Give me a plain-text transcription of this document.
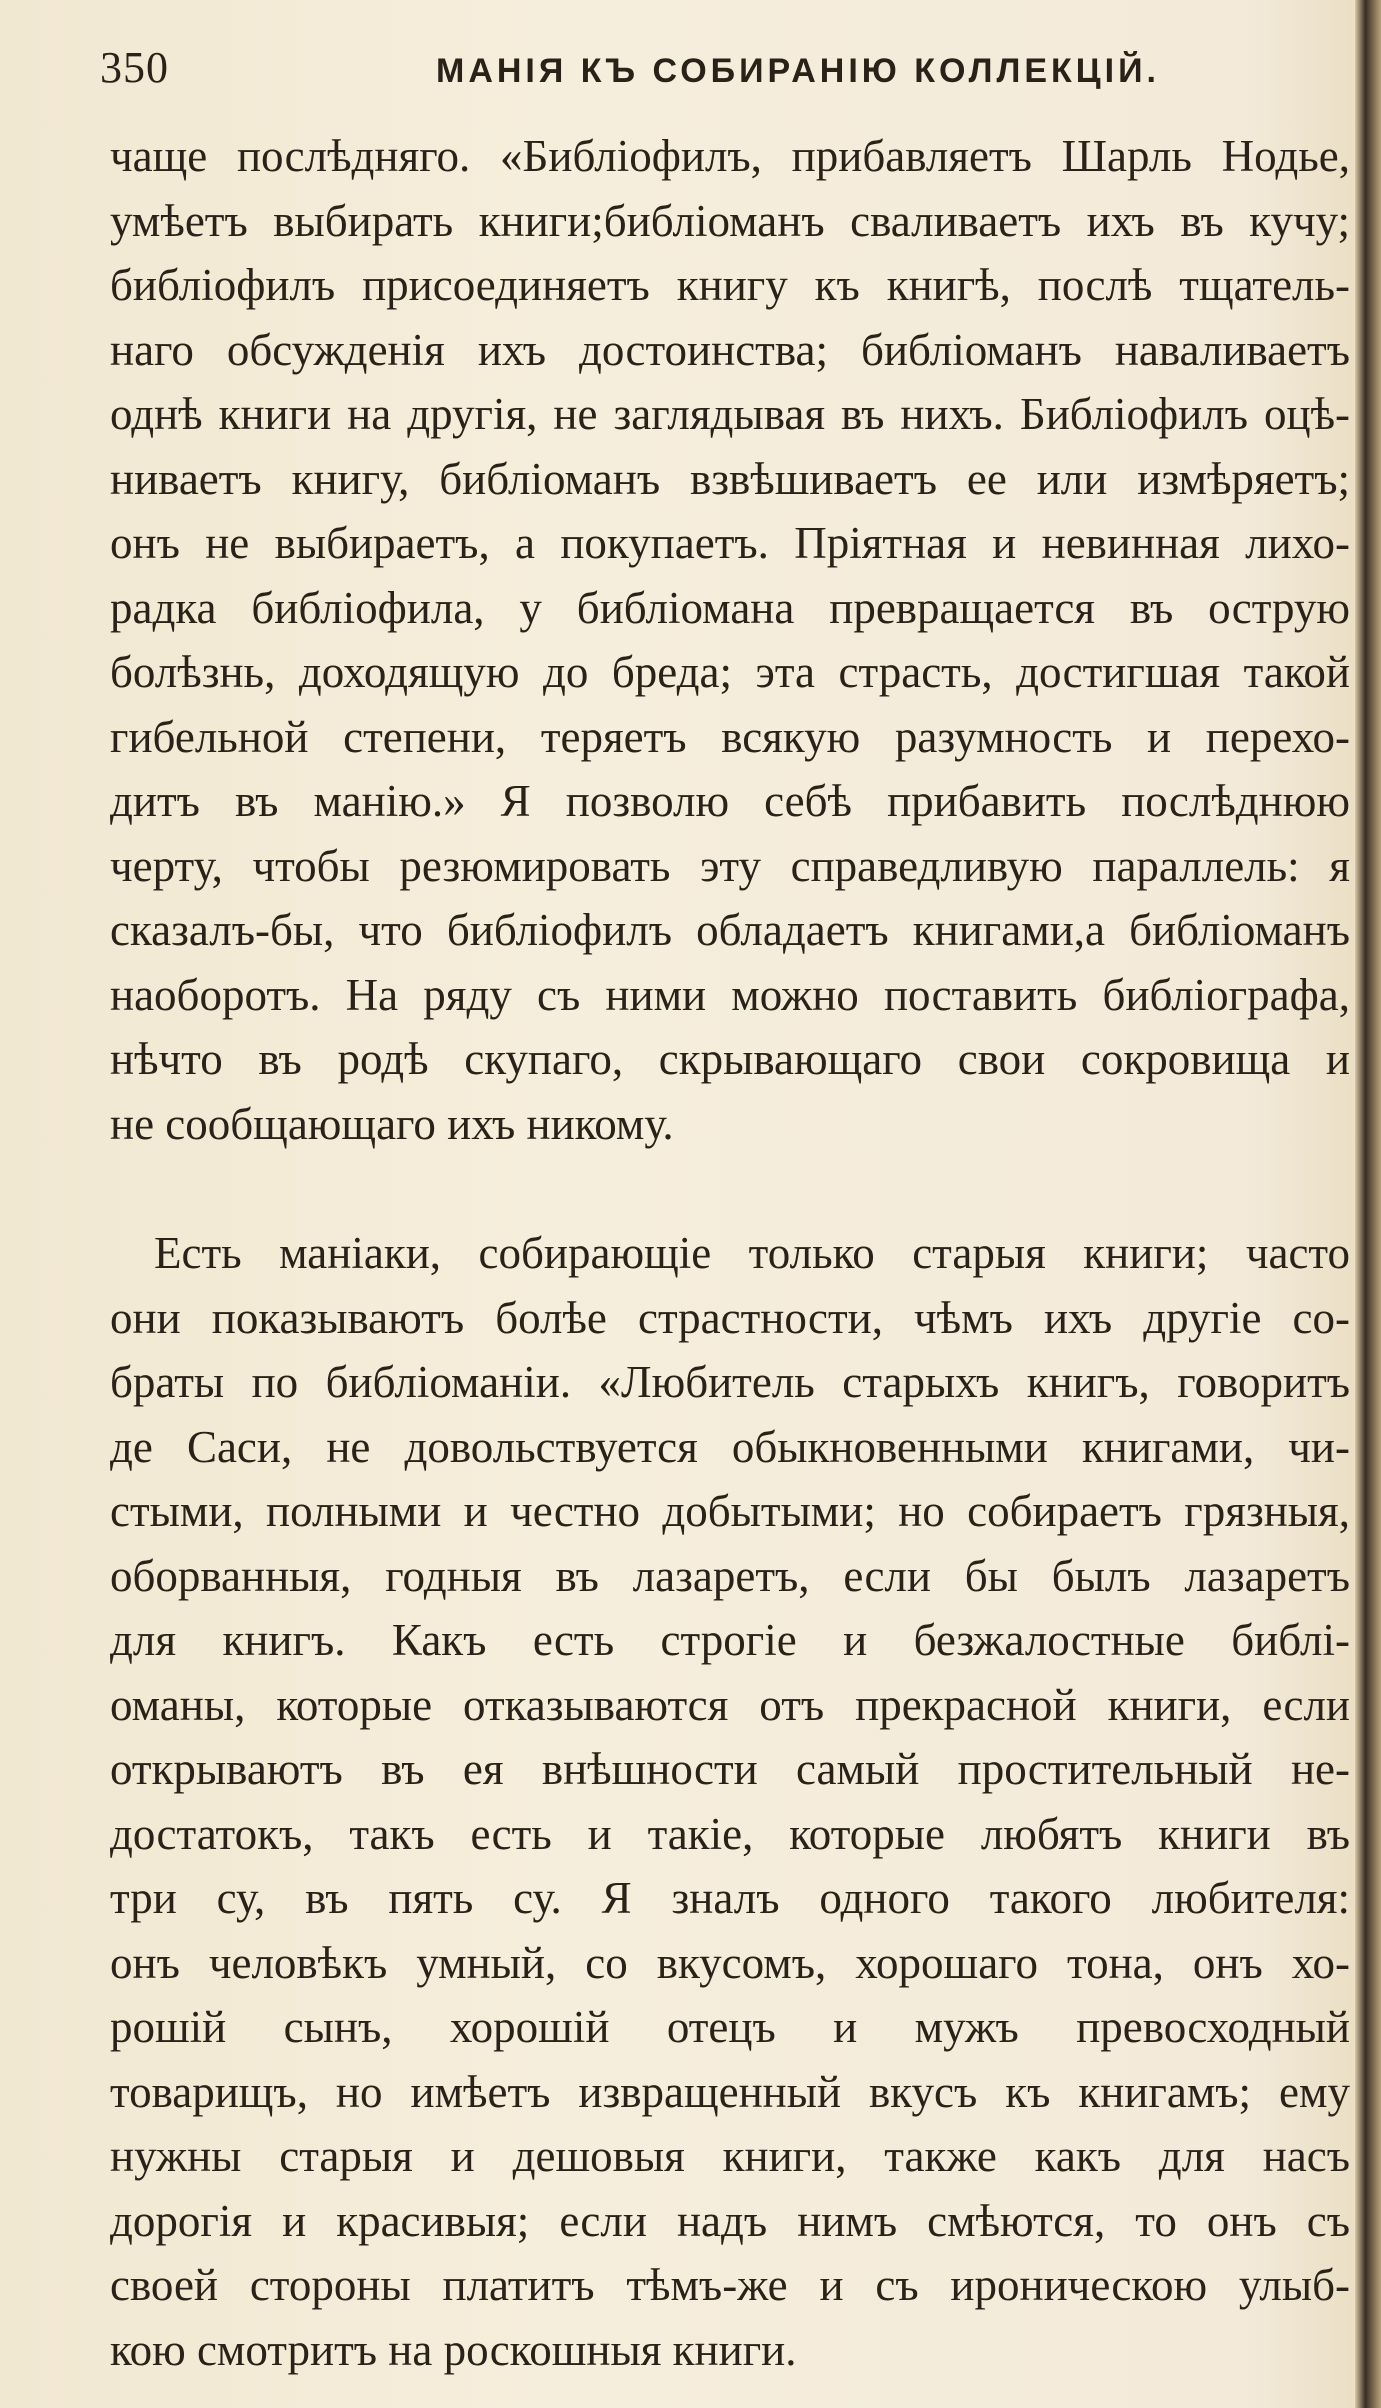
350	МАНІЯ КЪ СОБИРАНІЮ КОЛЛЕКЦІЙ.
чаще послѣдняго. «Библіофилъ, прибавляетъ Шарль Нодье,
умѣетъ выбирать книги;библіоманъ сваливаетъ ихъ въ кучу;
библіофилъ присоединяетъ книгу къ книгѣ, послѣ тщатель-
наго обсужденія ихъ достоинства; библіоманъ наваливаетъ
однѣ книги на другія, не заглядывая въ нихъ. Библіофилъ оцѣ-
ниваетъ книгу, библіоманъ взвѣшиваетъ ее или измѣряетъ;
онъ не выбираетъ, а покупаетъ. Пріятная и невинная лихо-
радка библіофила, у библіомана превращается въ острую
болѣзнь, доходящую до бреда; эта страсть, достигшая такой
гибельной степени, теряетъ всякую разумность и перехо-
дитъ въ манію.» Я позволю себѣ прибавить послѣднюю
черту, чтобы резюмировать эту справедливую параллель: я
сказалъ-бы, что библіофилъ обладаетъ книгами,а библіоманъ
наоборотъ. На ряду съ ними можно поставить библіографа,
нѣчто въ родѣ скупаго, скрывающаго свои сокровища и
не сообщающаго ихъ никому.
Есть маніаки, собирающіе только старыя книги; часто
они показываютъ болѣе страстности, чѣмъ ихъ другіе со-
браты по библіоманіи. «Любитель старыхъ книгъ, говоритъ
де Саси, не довольствуется обыкновенными книгами, чи-
стыми, полными и честно добытыми; но собираетъ грязныя,
оборванныя, годныя въ лазаретъ, если бы былъ лазаретъ
для книгъ. Какъ есть строгіе и безжалостные библі-
оманы, которые отказываются отъ прекрасной книги, если
открываютъ въ ея внѣшности самый простительный не-
достатокъ, такъ есть и такіе, которые любятъ книги въ
три су, въ пять су. Я зналъ одного такого любителя:
онъ человѣкъ умный, со вкусомъ, хорошаго тона, онъ хо-
рошій сынъ, хорошій отецъ и мужъ превосходный
товарищъ, но имѣетъ извращенный вкусъ къ книгамъ; ему
нужны старыя и дешовыя книги, также какъ для насъ
дорогія и красивыя; если надъ нимъ смѣются, то онъ съ
своей стороны платитъ тѣмъ-же и съ ироническою улыб-
кою смотритъ на роскошныя книги.
